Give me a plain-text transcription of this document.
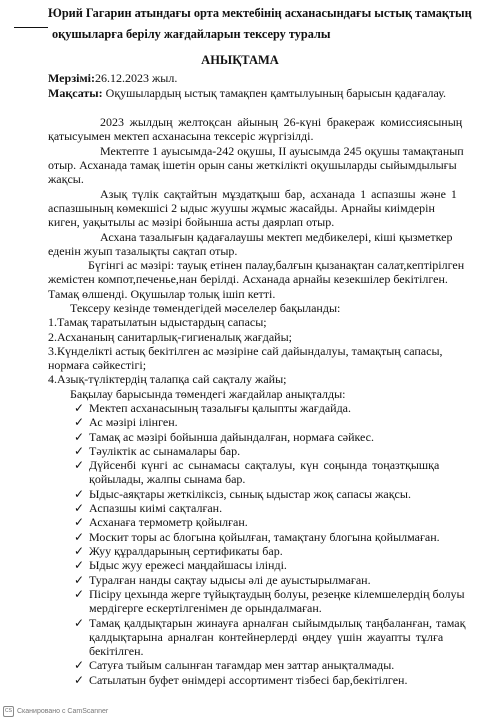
Юрий Гагарин атындағы орта мектебінің асханасындағы ыстық тамақтың
оқушыларға берілу жағдайларын тексеру туралы
АНЫҚТАМА
Мерзімі:26.12.2023 жыл.
Мақсаты: Оқушылардың ыстық тамақпен қамтылуының барысын қадағалау.
2023 жылдың желтоқсан айының 26-күні бракераж комиссиясының
қатысуымен мектеп асханасына тексеріс жүргізілді.
Мектепте 1 ауысымда-242 оқушы, II ауысымда 245 оқушы тамақтанып
отыр. Асханада тамақ ішетін орын саны жеткілікті оқушыларды сыйымдылығы
жақсы.
Азық түлік сақтайтын мұздатқыш бар, асханада 1 аспазшы және 1
аспазшының көмекшісі 2 ыдыс жуушы жұмыс жасайды. Арнайы киімдерін
киген, уақытылы ас мәзірі бойынша асты даярлап отыр.
Асхана тазалығын қадағалаушы мектеп медбикелері, кіші қызметкер
еденін жуып тазалықты сақтап отыр.
Бүгінгі ас мәзірі: тауық етінен палау,балғын қызанақтан салат,кептірілген
жемістен компот,печенье,нан берілді. Асханада арнайы кезекшілер бекітілген.
Тамақ өлшенді. Оқушылар толық ішіп кетті.
Тексеру кезінде төмендегідей мәселелер бақыланды:
1.Тамақ таратылатын ыдыстардың сапасы;
2.Асхананың санитарлық-гигиеналық жағдайы;
3.Күнделікті астық бекітілген ас мәзіріне сай дайындалуы, тамақтың сапасы,
нормаға сәйкестігі;
4.Азық-түліктердің талапқа сай сақталу жайы;
Бақылау барысында төмендегі жағдайлар анықталды:
✓ Мектеп асханасының тазалығы қалыпты жағдайда.
✓ Ас мәзірі ілінген.
✓ Тамақ ас мәзірі бойынша дайындалған, нормаға сәйкес.
✓ Тәуліктік ас сынамалары бар.
✓ Дүйсенбі күнгі ас сынамасы сақталуы, күн соңында тоңазтқышқа
қойылады, жалпы сынама бар.
✓ Ыдыс-аяқтары жеткіліксіз, сынық ыдыстар жоқ сапасы жақсы.
✓ Аспазшы киімі сақталған.
✓ Асханаға термометр қойылған.
✓ Москит торы ас блогына қойылған, тамақтану блогына қойылмаған.
✓ Жуу құралдарының сертификаты бар.
✓ Ыдыс жуу ережесі маңдайшасы ілінді.
✓ Туралған нанды сақтау ыдысы әлі де ауыстырылмаған.
✓ Пісіру цехында жерге түйықтаудың болуы, резеңке кілемшелердің болуы
мердігерге ескертілгенімен де орындалмаған.
✓ Тамақ қалдықтарын жинауға арналған сыйымдылық таңбаланған, тамақ
қалдықтарына арналған контейнерлерді өңдеу үшін жауапты тұлға
бекітілген.
✓ Сатуға тыйым салынған тағамдар мен заттар анықталмады.
✓ Сатылатын буфет өнімдері ассортимент тізбесі бар,бекітілген.
CS Сканировано с CamScanner
